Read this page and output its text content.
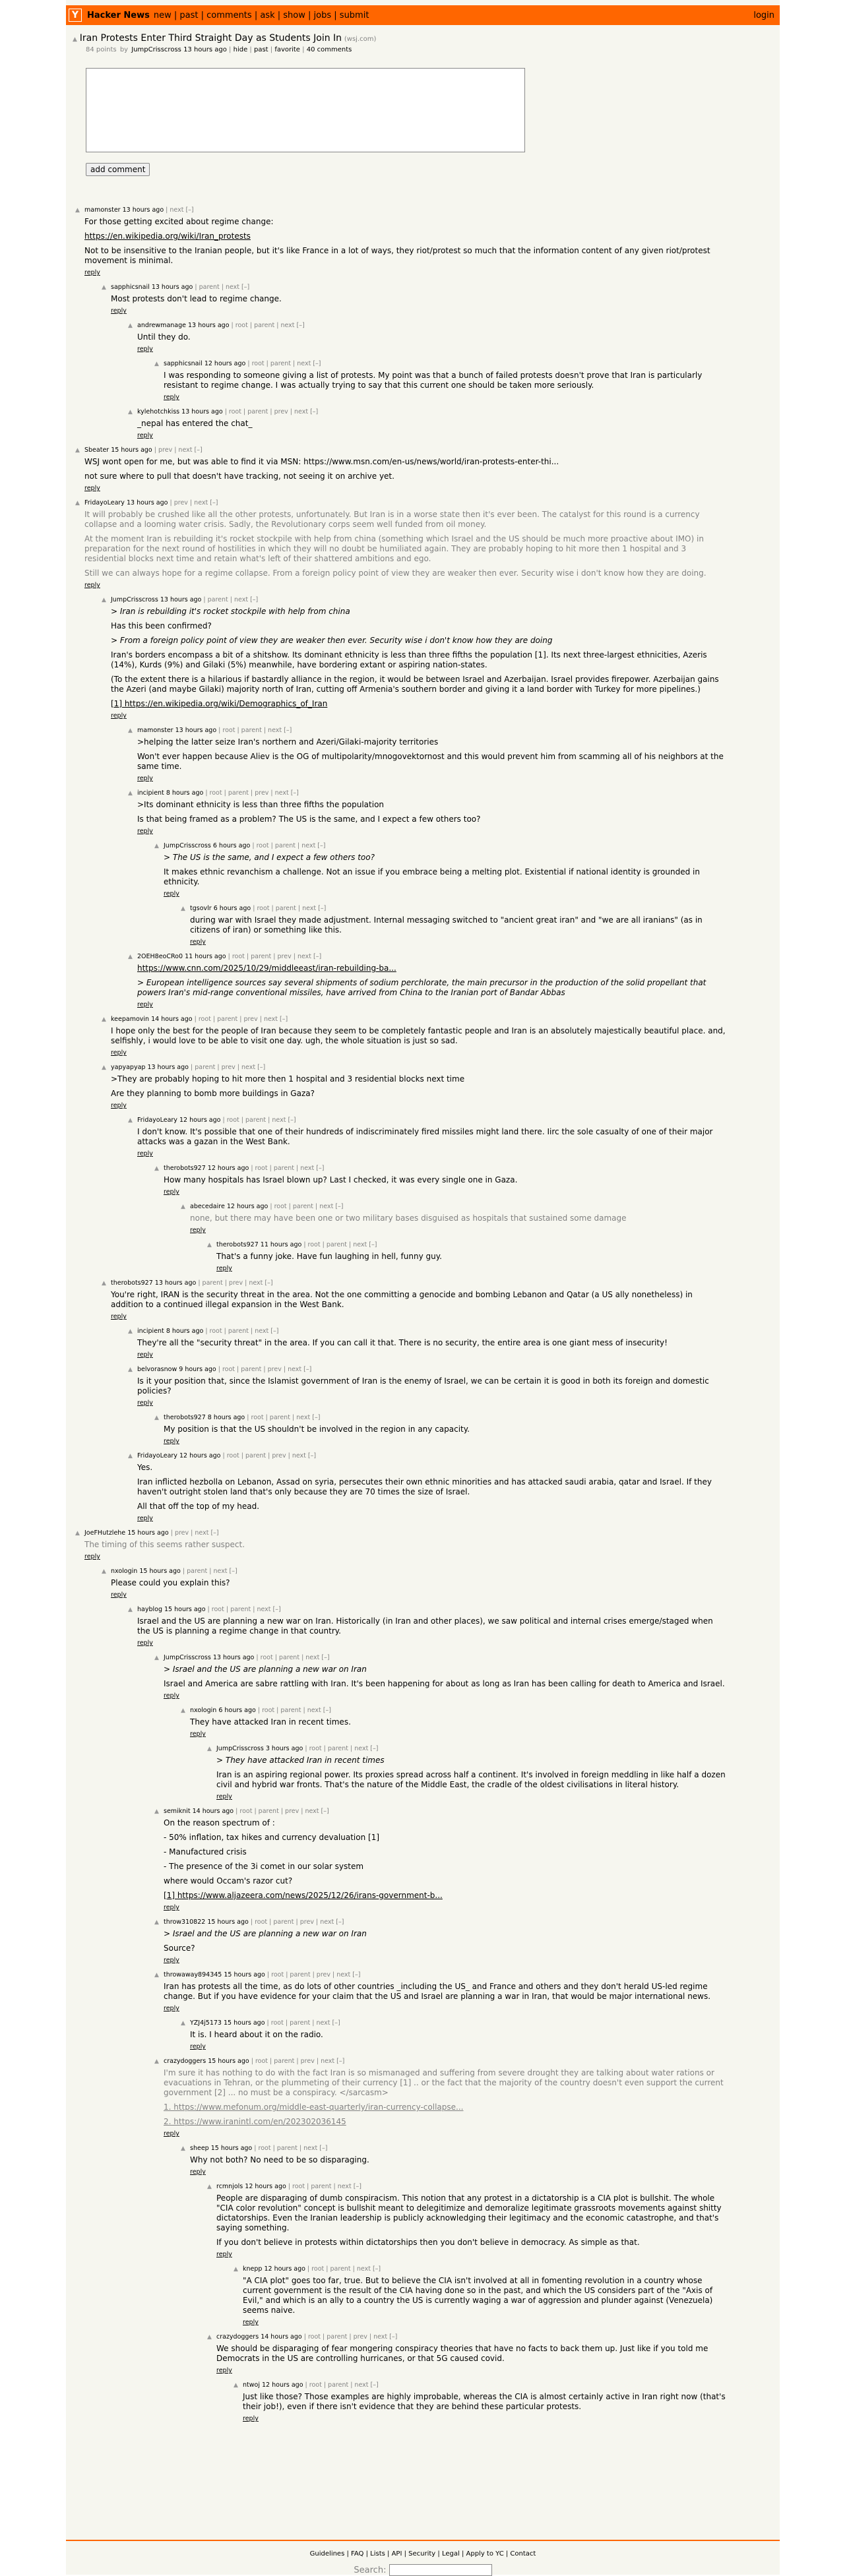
Y Hacker News new | past | comments | ask | show | jobs | submit	login
▲ Iran Protests Enter Third Straight Day as Students Join In (wsj.com)
84 points by JumpCrisscross 13 hours ago | hide | past | favorite | 40 comments
add comment
▲ mamonster 13 hours ago | next [–]

For those getting excited about regime change:

https://en.wikipedia.org/wiki/Iran_protests

Not to be insensitive to the Iranian people, but it's like France in a lot of ways, they riot/protest so much that the information content of any given riot/protest movement is minimal.

reply
▲ sapphicsnail 13 hours ago | parent | next [–]

Most protests don't lead to regime change.

reply
▲ andrewmanage 13 hours ago | root | parent | next [–]

Until they do.

reply
▲ sapphicsnail 12 hours ago | root | parent | next [–]

I was responding to someone giving a list of protests. My point was that a bunch of failed protests doesn't prove that Iran is particularly resistant to regime change. I was actually trying to say that this current one should be taken more seriously.

reply
▲ kylehotchkiss 13 hours ago | root | parent | prev | next [–]

_nepal has entered the chat_

reply
▲ Sbeater 15 hours ago | prev | next [–]

WSJ wont open for me, but was able to find it via MSN: https://www.msn.com/en-us/news/world/iran-protests-enter-thi...

not sure where to pull that doesn't have tracking, not seeing it on archive yet.

reply
▲ FridayoLeary 13 hours ago | prev | next [–]

It will probably be crushed like all the other protests, unfortunately. But Iran is in a worse state then it's ever been. The catalyst for this round is a currency collapse and a looming water crisis. Sadly, the Revolutionary corps seem well funded from oil money.

At the moment Iran is rebuilding it's rocket stockpile with help from china (something which Israel and the US should be much more proactive about IMO) in preparation for the next round of hostilities in which they will no doubt be humiliated again. They are probably hoping to hit more then 1 hospital and 3 residential blocks next time and retain what's left of their shattered ambitions and ego.

Still we can always hope for a regime collapse. From a foreign policy point of view they are weaker then ever. Security wise i don't know how they are doing.

reply
▲ JumpCrisscross 13 hours ago | parent | next [–]

> Iran is rebuilding it's rocket stockpile with help from china

Has this been confirmed?

> From a foreign policy point of view they are weaker then ever. Security wise i don't know how they are doing

Iran's borders encompass a bit of a shitshow. Its dominant ethnicity is less than three fifths the population [1]. Its next three-largest ethnicities, Azeris (14%), Kurds (9%) and Gilaki (5%) meanwhile, have bordering extant or aspiring nation-states.

(To the extent there is a hilarious if bastardly alliance in the region, it would be between Israel and Azerbaijan. Israel provides firepower. Azerbaijan gains the Azeri (and maybe Gilaki) majority north of Iran, cutting off Armenia's southern border and giving it a land border with Turkey for more pipelines.)

[1] https://en.wikipedia.org/wiki/Demographics_of_Iran

reply
▲ mamonster 13 hours ago | root | parent | next [–]

>helping the latter seize Iran's northern and Azeri/Gilaki-majority territories

Won't ever happen because Aliev is the OG of multipolarity/mnogovektornost and this would prevent him from scamming all of his neighbors at the same time.

reply
▲ incipient 8 hours ago | root | parent | prev | next [–]

>Its dominant ethnicity is less than three fifths the population

Is that being framed as a problem? The US is the same, and I expect a few others too?

reply
▲ JumpCrisscross 6 hours ago | root | parent | next [–]

> The US is the same, and I expect a few others too?

It makes ethnic revanchism a challenge. Not an issue if you embrace being a melting plot. Existential if national identity is grounded in ethnicity.

reply
▲ tgsovlr 6 hours ago | root | parent | next [–]

during war with Israel they made adjustment. Internal messaging switched to "ancient great iran" and "we are all iranians" (as in citizens of iran) or something like this.

reply
▲ 2OEH8eoCRo0 11 hours ago | root | parent | prev | next [–]

https://www.cnn.com/2025/10/29/middleeast/iran-rebuilding-ba...

> European intelligence sources say several shipments of sodium perchlorate, the main precursor in the production of the solid propellant that powers Iran's mid-range conventional missiles, have arrived from China to the Iranian port of Bandar Abbas

reply
▲ keepamovin 14 hours ago | root | parent | prev | next [–]

I hope only the best for the people of Iran because they seem to be completely fantastic people and Iran is an absolutely majestically beautiful place. and, selfishly, i would love to be able to visit one day. ugh, the whole situation is just so sad.

reply
▲ yapyapyap 13 hours ago | parent | prev | next [–]

>They are probably hoping to hit more then 1 hospital and 3 residential blocks next time

Are they planning to bomb more buildings in Gaza?

reply
▲ FridayoLeary 12 hours ago | root | parent | next [–]

I don't know. It's possible that one of their hundreds of indiscriminately fired missiles might land there. Iirc the sole casualty of one of their major attacks was a gazan in the West Bank.

reply
▲ therobots927 12 hours ago | root | parent | next [–]

How many hospitals has Israel blown up? Last I checked, it was every single one in Gaza.

reply
▲ abecedaire 12 hours ago | root | parent | next [–]

none, but there may have been one or two military bases disguised as hospitals that sustained some damage

reply
▲ therobots927 11 hours ago | root | parent | next [–]

That's a funny joke. Have fun laughing in hell, funny guy.

reply
▲ therobots927 13 hours ago | parent | prev | next [–]

You're right, IRAN is the security threat in the area. Not the one committing a genocide and bombing Lebanon and Qatar (a US ally nonetheless) in addition to a continued illegal expansion in the West Bank.

reply
▲ incipient 8 hours ago | root | parent | next [–]

They're all the "security threat" in the area. If you can call it that. There is no security, the entire area is one giant mess of insecurity!

reply
▲ belvorasnow 9 hours ago | root | parent | prev | next [–]

Is it your position that, since the Islamist government of Iran is the enemy of Israel, we can be certain it is good in both its foreign and domestic policies?

reply
▲ therobots927 8 hours ago | root | parent | next [–]

My position is that the US shouldn't be involved in the region in any capacity.

reply
▲ FridayoLeary 12 hours ago | root | parent | prev | next [–]

Yes.

Iran inflicted hezbolla on Lebanon, Assad on syria, persecutes their own ethnic minorities and has attacked saudi arabia, qatar and Israel. If they haven't outright stolen land that's only because they are 70 times the size of Israel.

All that off the top of my head.

reply
▲ JoeFHutzlehe 15 hours ago | prev | next [–]

The timing of this seems rather suspect.

reply
▲ nxologin 15 hours ago | parent | next [–]

Please could you explain this?

reply
▲ hayblog 15 hours ago | root | parent | next [–]

Israel and the US are planning a new war on Iran. Historically (in Iran and other places), we saw political and internal crises emerge/staged when the US is planning a regime change in that country.

reply
▲ JumpCrisscross 13 hours ago | root | parent | next [–]

> Israel and the US are planning a new war on Iran

Israel and America are sabre rattling with Iran. It's been happening for about as long as Iran has been calling for death to America and Israel.

reply
▲ nxologin 6 hours ago | root | parent | next [–]

They have attacked Iran in recent times.

reply
▲ JumpCrisscross 3 hours ago | root | parent | next [–]

> They have attacked Iran in recent times

Iran is an aspiring regional power. Its proxies spread across half a continent. It's involved in foreign meddling in like half a dozen civil and hybrid war fronts. That's the nature of the Middle East, the cradle of the oldest civilisations in literal history.

reply
▲ semiknit 14 hours ago | root | parent | prev | next [–]

On the reason spectrum of :

- 50% inflation, tax hikes and currency devaluation [1]

- Manufactured crisis

- The presence of the 3i comet in our solar system

where would Occam's razor cut?

[1] https://www.aljazeera.com/news/2025/12/26/irans-government-b...

reply
▲ throw310822 15 hours ago | root | parent | prev | next [–]

> Israel and the US are planning a new war on Iran

Source?

reply
▲ throwaway894345 15 hours ago | root | parent | prev | next [–]

Iran has protests all the time, as do lots of other countries _including the US_ and France and others and they don't herald US-led regime change. But if you have evidence for your claim that the US and Israel are planning a war in Iran, that would be major international news.

reply
▲ YZJ4j5173 15 hours ago | root | parent | next [–]

It is. I heard about it on the radio.

reply
▲ crazydoggers 15 hours ago | root | parent | prev | next [–]

I'm sure it has nothing to do with the fact Iran is so mismanaged and suffering from severe drought they are talking about water rations or evacuations in Tehran, or the plummeting of their currency [1] .. or the fact that the majority of the country doesn't even support the current government [2] ... no must be a conspiracy. </sarcasm>

1. https://www.mefonum.org/middle-east-quarterly/iran-currency-collapse...

2. https://www.iranintl.com/en/202302036145

reply
▲ sheep 15 hours ago | root | parent | next [–]

Why not both? No need to be so disparaging.

reply
▲ rcmnjols 12 hours ago | root | parent | next [–]

People are disparaging of dumb conspiracism. This notion that any protest in a dictatorship is a CIA plot is bullshit. The whole "CIA color revolution" concept is bullshit meant to delegitimize and demoralize legitimate grassroots movements against shitty dictatorships. Even the Iranian leadership is publicly acknowledging their legitimacy and the economic catastrophe, and that's saying something.

If you don't believe in protests within dictatorships then you don't believe in democracy. As simple as that.

reply
▲ knepp 12 hours ago | root | parent | next [–]

"A CIA plot" goes too far, true. But to believe the CIA isn't involved at all in fomenting revolution in a country whose current government is the result of the CIA having done so in the past, and which the US considers part of the "Axis of Evil," and which is an ally to a country the US is currently waging a war of aggression and plunder against (Venezuela) seems naive.

reply
▲ crazydoggers 14 hours ago | root | parent | prev | next [–]

We should be disparaging of fear mongering conspiracy theories that have no facts to back them up. Just like if you told me Democrats in the US are controlling hurricanes, or that 5G caused covid.

reply
▲ ntwoj 12 hours ago | root | parent | next [–]

Just like those? Those examples are highly improbable, whereas the CIA is almost certainly active in Iran right now (that's their job!), even if there isn't evidence that they are behind these particular protests.

reply
Guidelines | FAQ | Lists | API | Security | Legal | Apply to YC | Contact
Search:
